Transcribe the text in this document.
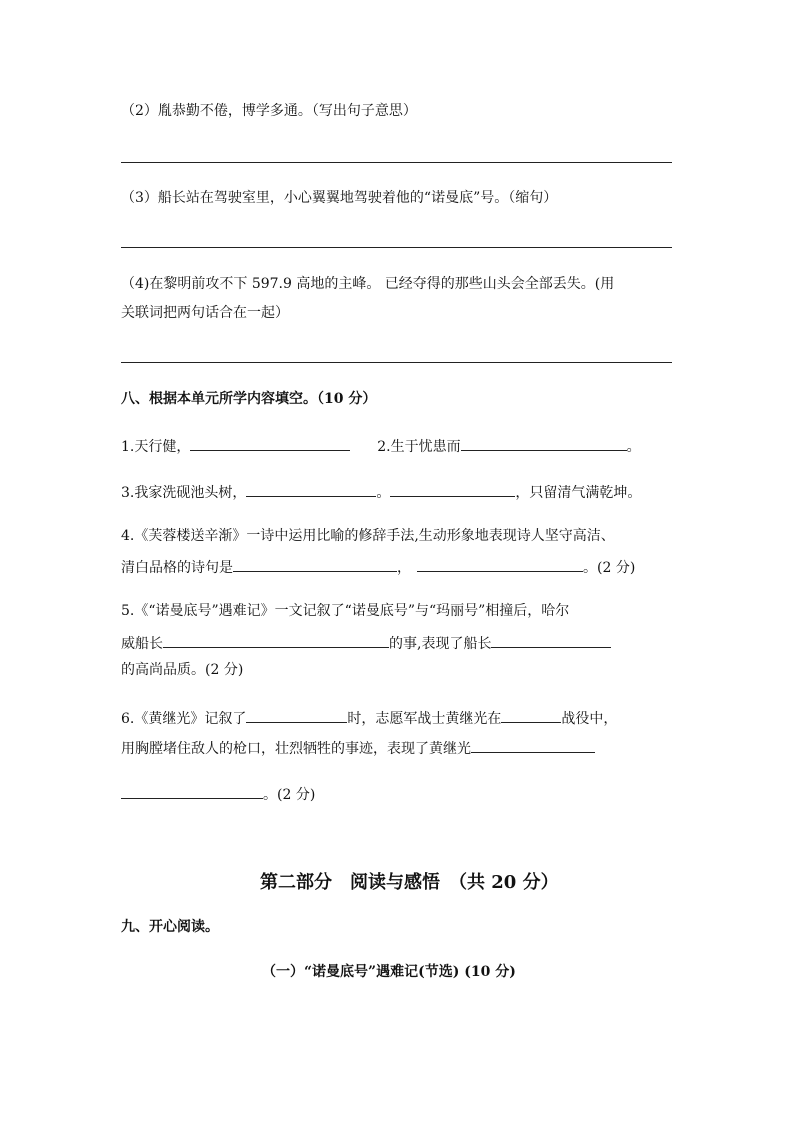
（2）胤恭勤不倦，博学多通。（写出句子意思）
（3）船长站在驾驶室里，小心翼翼地驾驶着他的“诺曼底”号。（缩句）
（4)在黎明前攻不下 597.9 高地的主峰。 已经夺得的那些山头会全部丢失。(用
关联词把两句话合在一起）
八、根据本单元所学内容填空。（10 分）
1.天行健，	2.生于忧患而	。
3.我家洗砚池头树，	。	，只留清气满乾坤。
4.《芙蓉楼送辛渐》一诗中运用比喻的修辞手法,生动形象地表现诗人坚守高洁、
清白品格的诗句是	，	。(2 分)
5.《“诺曼底号”遇难记》一文记叙了“诺曼底号”与“玛丽号”相撞后，哈尔
威船长	的事,表现了船长
的高尚品质。(2 分)
6.《黄继光》记叙了	时，志愿军战士黄继光在	战役中，
用胸膛堵住敌人的枪口，壮烈牺牲的事迹，表现了黄继光
。(2 分)
第二部分　阅读与感悟　（共 20 分）
九、开心阅读。
（一）“诺曼底号”遇难记(节选) (10 分)
